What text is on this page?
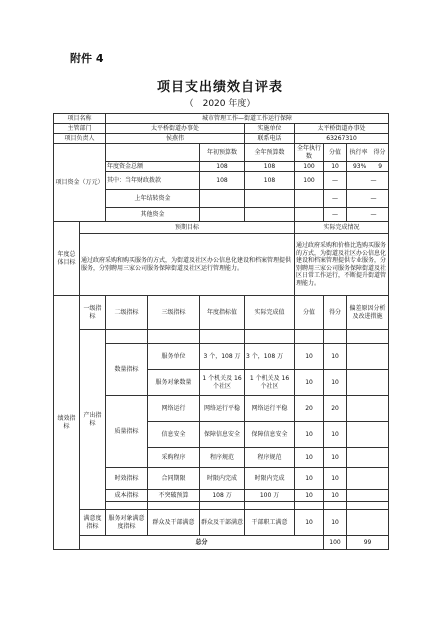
附件 4
项目支出绩效自评表
（　2020 年度）
项目名称		城市管理工作—街道工作运行保障							
主管部门		太平桥街道办事处			实施单位	太平桥街道办事处			
项目负责人		侯燕伟			联系电话	63267310			
项目资金（万元）				年初预算数	全年预算数	全年执行数	分值	执行率　 得分	
		年度资金总额		108	108	100	10	93%　　 9	
		其中：当年财政拨款		108	108	100	—	　　—	
		上年结转资金					—	　　—	
		其他资金					—	　　—	
年度总体目标	预期目标					实际完成情况			
	通过政府采购和购买服务的方式，为街道及社区办公信息化建设和档案管理提供服务，分别聘用三家公司服务保障街道及社区运行管理能力。					通过政府采购和价格比选购买服务的方式，为街道及社区办公信息化建设和档案管理提供专业服务，分别聘用三家公司服务保障街道及社区日常工作运行，不断提升街道管理能力。			
绩效指标	一级指标	二级指标	三级指标	年度指标值	实际完成值	分值	得分	偏差原因分析及改进措施	
	产出指标								
		数量指标	服务单位	3 个，108 万	3 个，108 万	10	10		
			服务对象数量	1 个机关及 16 个社区	1 个机关及 16 个社区	10	10		
		质量指标	网络运行	网络运行平稳	网络运行平稳	20	20		
			信息安全	保障信息安全	保障信息安全	10	10		
			采购程序	程序规范	程序规范	10	10		
		时效指标	合同期限	时限内完成	时限内完成	10	10		
		成本指标	不突破预算	108 万	100 万	10	10		

	满意度指标	服务对象满意度指标	群众及干部满意	群众及干部满意	干部职工满意	10	10		
	总分						100	99	
